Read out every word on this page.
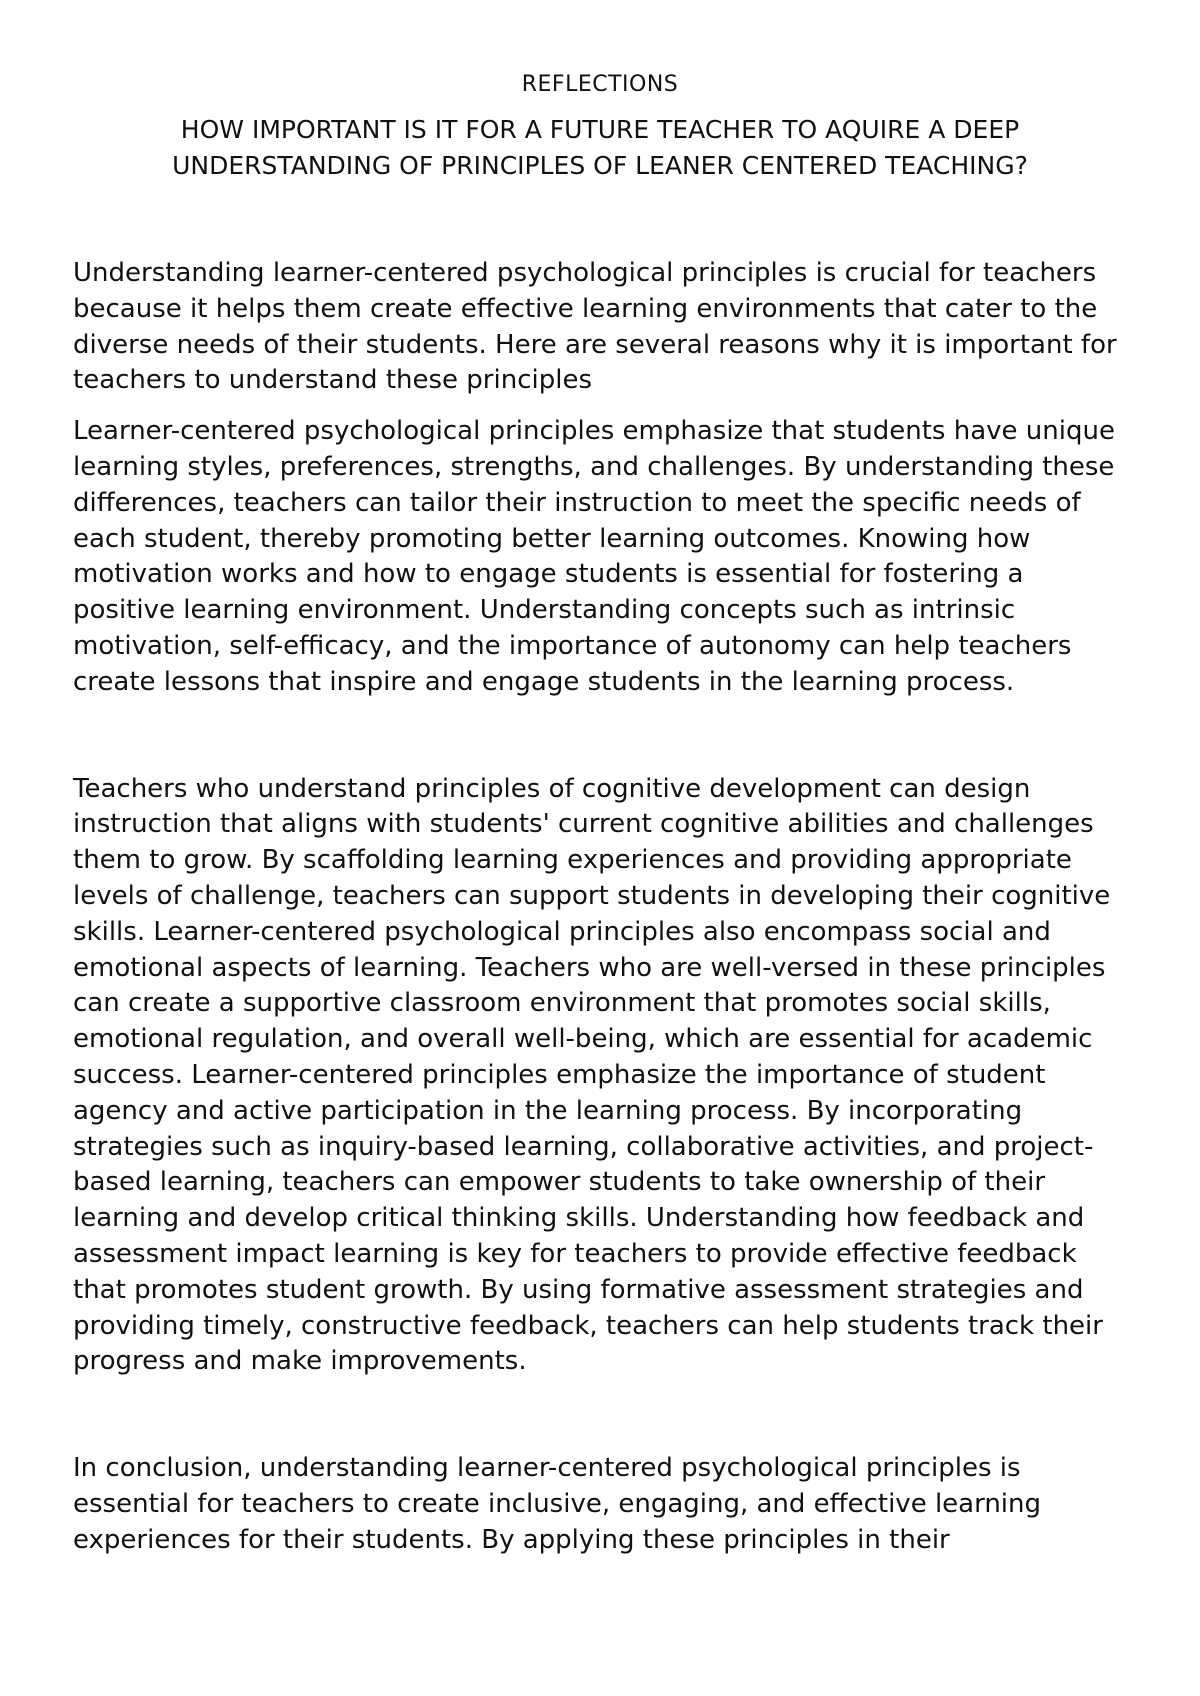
REFLECTIONS
HOW IMPORTANT IS IT FOR A FUTURE TEACHER TO AQUIRE A DEEP UNDERSTANDING OF PRINCIPLES OF LEANER CENTERED TEACHING?

Understanding learner-centered psychological principles is crucial for teachers because it helps them create effective learning environments that cater to the diverse needs of their students. Here are several reasons why it is important for teachers to understand these principles

Learner-centered psychological principles emphasize that students have unique learning styles, preferences, strengths, and challenges. By understanding these differences, teachers can tailor their instruction to meet the specific needs of each student, thereby promoting better learning outcomes. Knowing how motivation works and how to engage students is essential for fostering a positive learning environment. Understanding concepts such as intrinsic motivation, self-efficacy, and the importance of autonomy can help teachers create lessons that inspire and engage students in the learning process.

Teachers who understand principles of cognitive development can design instruction that aligns with students' current cognitive abilities and challenges them to grow. By scaffolding learning experiences and providing appropriate levels of challenge, teachers can support students in developing their cognitive skills. Learner-centered psychological principles also encompass social and emotional aspects of learning. Teachers who are well-versed in these principles can create a supportive classroom environment that promotes social skills, emotional regulation, and overall well-being, which are essential for academic success. Learner-centered principles emphasize the importance of student agency and active participation in the learning process. By incorporating strategies such as inquiry-based learning, collaborative activities, and project-based learning, teachers can empower students to take ownership of their learning and develop critical thinking skills. Understanding how feedback and assessment impact learning is key for teachers to provide effective feedback that promotes student growth. By using formative assessment strategies and providing timely, constructive feedback, teachers can help students track their progress and make improvements.

In conclusion, understanding learner-centered psychological principles is essential for teachers to create inclusive, engaging, and effective learning experiences for their students. By applying these principles in their
